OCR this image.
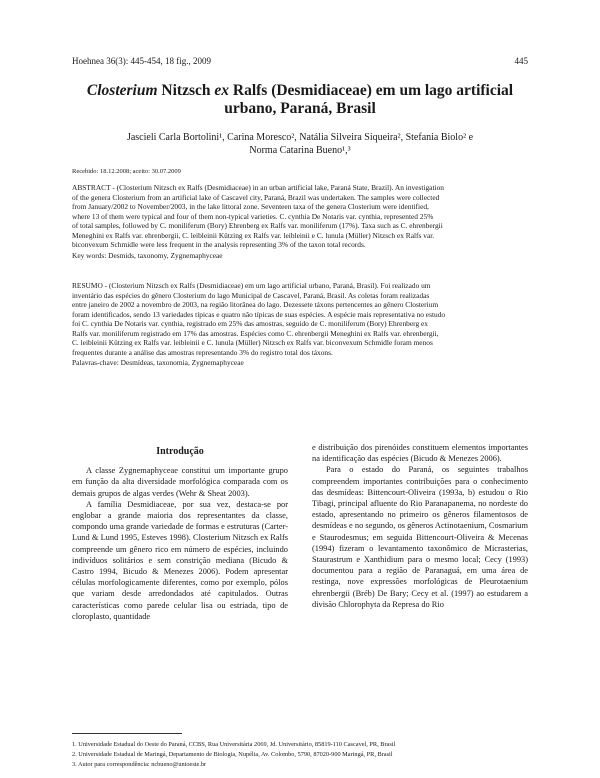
Hoehnea 36(3): 445-454, 18 fig., 2009	445
Closterium Nitzsch ex Ralfs (Desmidiaceae) em um lago artificial
urbano, Paraná, Brasil
Jascieli Carla Bortolini¹, Carina Moresco², Natália Silveira Siqueira², Stefania Biolo² e
Norma Catarina Bueno¹,³
Recebido: 18.12.2008; aceito: 30.07.2009
ABSTRACT - (Closterium Nitzsch ex Ralfs (Desmidiaceae) in an urban artificial lake, Paraná State, Brazil). An investigation
of the genera Closterium from an artificial lake of Cascavel city, Paraná, Brazil was undertaken. The samples were collected
from January/2002 to November/2003, in the lake littoral zone. Seventeen taxa of the genera Closterium were identified,
where 13 of them were typical and four of them non-typical varieties. C. cynthia De Notaris var. cynthia, represented 25%
of total samples, followed by C. moniliferum (Bory) Ehrenberg ex Ralfs var. moniliferum (17%). Taxa such as C. ehrenbergii
Meneghini ex Ralfs var. ehrenbergii, C. leibleinii Kützing ex Ralfs var. leibleinii e C. lunula (Müller) Nitzsch ex Ralfs var.
biconvexum Schmidle were less frequent in the analysis representing 3% of the taxon total records.
Key words: Desmids, taxonomy, Zygnemaphyceae
RESUMO - (Closterium Nitzsch ex Ralfs (Desmidiaceae) em um lago artificial urbano, Paraná, Brasil). Foi realizado um
inventário das espécies do gênero Closterium do lago Municipal de Cascavel, Paraná, Brasil. As coletas foram realizadas
entre janeiro de 2002 a novembro de 2003, na região litorânea do lago. Dezessete táxons pertencentes ao gênero Closterium
foram identificados, sendo 13 variedades típicas e quatro não típicas de suas espécies. A espécie mais representativa no estudo
foi C. cynthia De Notaris var. cynthia, registrado em 25% das amostras, seguido de C. moniliferum (Bory) Ehrenberg ex
Ralfs var. moniliferum registrado em 17% das amostras. Espécies como C. ehrenbergii Meneghini ex Ralfs var. ehrenbergii,
C. leibleinii Kützing ex Ralfs var. leibleinii e C. lunula (Müller) Nitzsch ex Ralfs var. biconvexum Schmidle foram menos
frequentes durante a análise das amostras representando 3% do registro total dos táxons.
Palavras-chave: Desmídeas, taxonomia, Zygnemaphyceae
Introdução

A classe Zygnemaphyceae constitui um importante grupo em função da alta diversidade morfológica comparada com os demais grupos de algas verdes (Wehr & Sheat 2003).

A família Desmidiaceae, por sua vez, destaca-se por englobar a grande maioria dos representantes da classe, compondo uma grande variedade de formas e estruturas (Carter-Lund & Lund 1995, Esteves 1998). Closterium Nitzsch ex Ralfs compreende um gênero rico em número de espécies, incluindo indivíduos solitários e sem constrição mediana (Bicudo & Castro 1994, Bicudo & Menezes 2006). Podem apresentar células morfologicamente diferentes, como por exemplo, pólos que variam desde arredondados até capitulados. Outras características como parede celular lisa ou estriada, tipo de cloroplasto, quantidade

e distribuição dos pirenóides constituem elementos importantes na identificação das espécies (Bicudo & Menezes 2006).

Para o estado do Paraná, os seguintes trabalhos compreendem importantes contribuições para o conhecimento das desmídeas: Bittencourt-Oliveira (1993a, b) estudou o Rio Tibagi, principal afluente do Rio Paranapanema, no nordeste do estado, apresentando no primeiro os gêneros filamentosos de desmídeas e no segundo, os gêneros Actinotaenium, Cosmarium e Staurodesmus; em seguida Bittencourt-Oliveira & Mecenas (1994) fizeram o levantamento taxonômico de Micrasterias, Staurastrum e Xanthidium para o mesmo local; Cecy (1993) documentou para a região de Paranaguá, em uma área de restinga, nove expressões morfológicas de Pleurotaenium ehrenbergii (Bréb) De Bary; Cecy et al. (1997) ao estudarem a divisão Chlorophyta da Represa do Rio

1. Universidade Estadual do Oeste do Paraná, CCBS, Rua Universitária 2069, Jd. Universitário, 85819-110 Cascavel, PR, Brasil
2. Universidade Estadual de Maringá, Departamento de Biologia, Nupélia, Av. Colombo, 5790, 87020-900 Maringá, PR, Brasil
3. Autor para correspondência: ncbueno@unioeste.br
